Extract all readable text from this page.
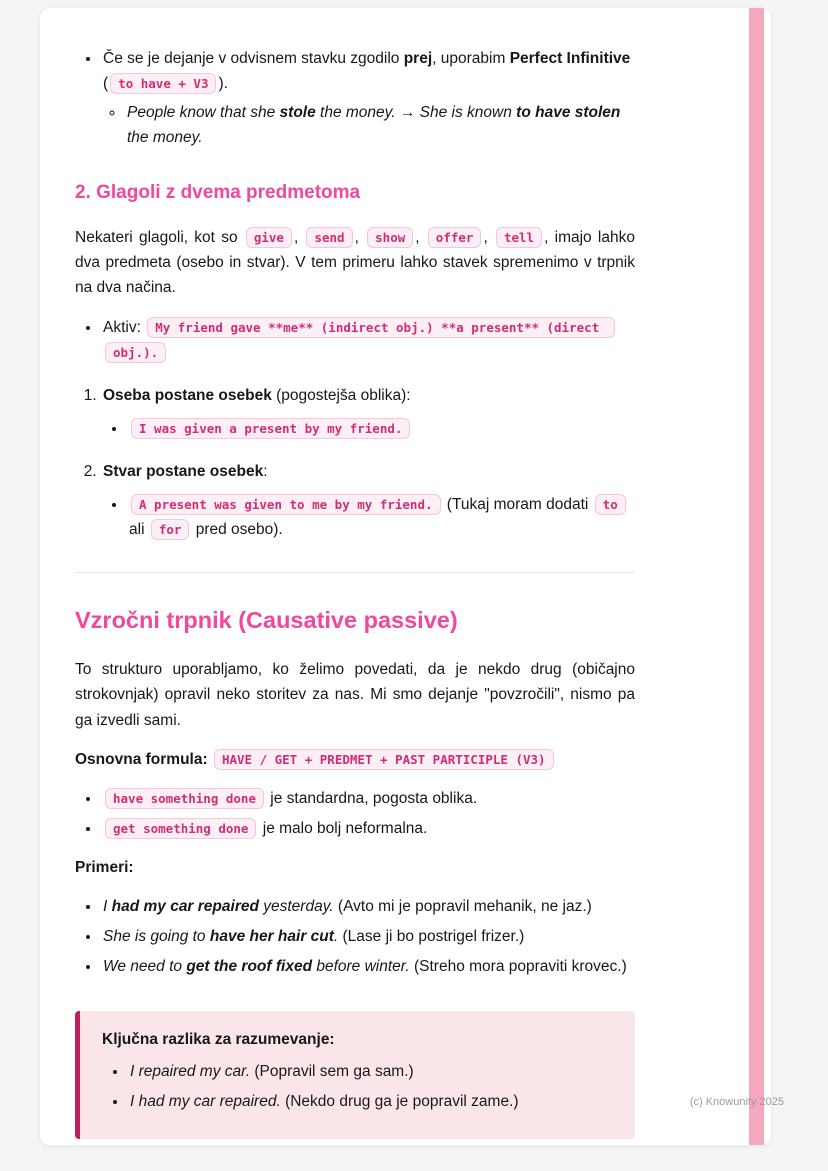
• Če se je dejanje v odvisnem stavku zgodilo prej, uporabim Perfect Infinitive ( to have + V3 ).
◦ People know that she stole the money. → She is known to have stolen the money.
2. Glagoli z dvema predmetoma

Nekateri glagoli, kot so give , send , show , offer , tell , imajo lahko dva predmeta (osebo in stvar). V tem primeru lahko stavek spremenimo v trpnik na dva načina.

• Aktiv: My friend gave **me** (indirect obj.) **a present** (direct obj.).
1. Oseba postane osebek (pogostejša oblika):
• I was given a present by my friend.
2. Stvar postane osebek:
• A present was given to me by my friend. (Tukaj moram dodati to ali for pred osebo).
Vzročni trpnik (Causative passive)

To strukturo uporabljamo, ko želimo povedati, da je nekdo drug (običajno strokovnjak) opravil neko storitev za nas. Mi smo dejanje "povzročili", nismo pa ga izvedli sami.

Osnovna formula: HAVE / GET + PREDMET + PAST PARTICIPLE (V3)

• have something done je standardna, pogosta oblika.
• get something done je malo bolj neformalna.

Primeri:

• I had my car repaired yesterday. (Avto mi je popravil mehanik, ne jaz.)
• She is going to have her hair cut. (Lase ji bo postrigel frizer.)
• We need to get the roof fixed before winter. (Streho mora popraviti krovec.)

Ključna razlika za razumevanje:

• I repaired my car. (Popravil sem ga sam.)
• I had my car repaired. (Nekdo drug ga je popravil zame.)	(c) Knowunity 2025
